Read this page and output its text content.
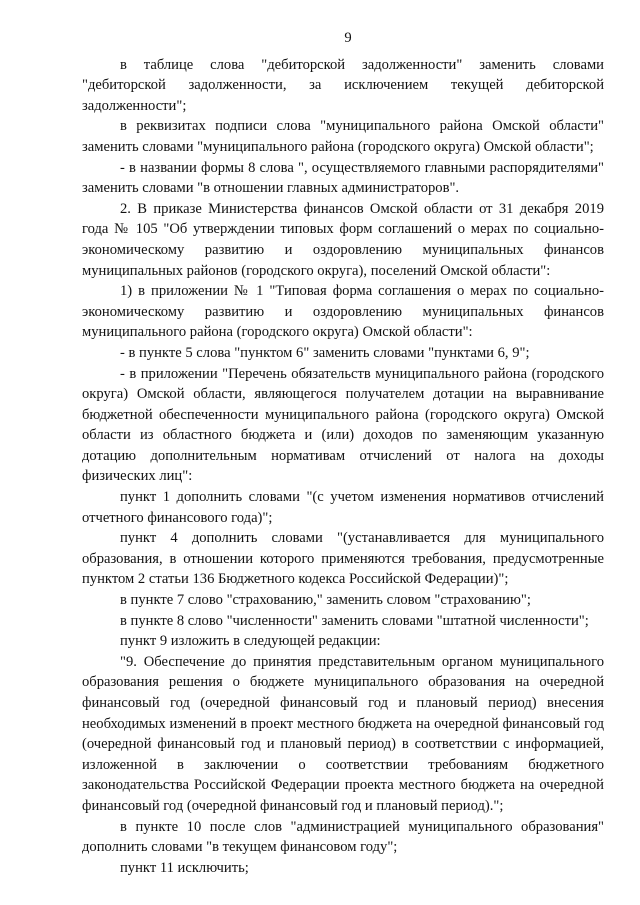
9

в таблице слова "дебиторской задолженности" заменить словами "дебиторской задолженности, за исключением текущей дебиторской задолженности";

в реквизитах подписи слова "муниципального района Омской области" заменить словами "муниципального района (городского округа) Омской области";

- в названии формы 8 слова ", осуществляемого главными распорядителями" заменить словами "в отношении главных администраторов".

2. В приказе Министерства финансов Омской области от 31 декабря 2019 года № 105 "Об утверждении типовых форм соглашений о мерах по социально-экономическому развитию и оздоровлению муниципальных финансов муниципальных районов (городского округа), поселений Омской области":

1) в приложении № 1 "Типовая форма соглашения о мерах по социально-экономическому развитию и оздоровлению муниципальных финансов муниципального района (городского округа) Омской области":

- в пункте 5 слова "пунктом 6" заменить словами "пунктами 6, 9";

- в приложении "Перечень обязательств муниципального района (городского округа) Омской области, являющегося получателем дотации на выравнивание бюджетной обеспеченности муниципального района (городского округа) Омской области из областного бюджета и (или) доходов по заменяющим указанную дотацию дополнительным нормативам отчислений от налога на доходы физических лиц":

пункт 1 дополнить словами "(с учетом изменения нормативов отчислений отчетного финансового года)";

пункт 4 дополнить словами "(устанавливается для муниципального образования, в отношении которого применяются требования, предусмотренные пунктом 2 статьи 136 Бюджетного кодекса Российской Федерации)";

в пункте 7 слово "страхованию," заменить словом "страхованию";

в пункте 8 слово "численности" заменить словами "штатной численности";

пункт 9 изложить в следующей редакции:

"9. Обеспечение до принятия представительным органом муниципального образования решения о бюджете муниципального образования на очередной финансовый год (очередной финансовый год и плановый период) внесения необходимых изменений в проект местного бюджета на очередной финансовый год (очередной финансовый год и плановый период) в соответствии с информацией, изложенной в заключении о соответствии требованиям бюджетного законодательства Российской Федерации проекта местного бюджета на очередной финансовый год (очередной финансовый год и плановый период).";

в пункте 10 после слов "администрацией муниципального образования" дополнить словами "в текущем финансовом году";

пункт 11 исключить;
